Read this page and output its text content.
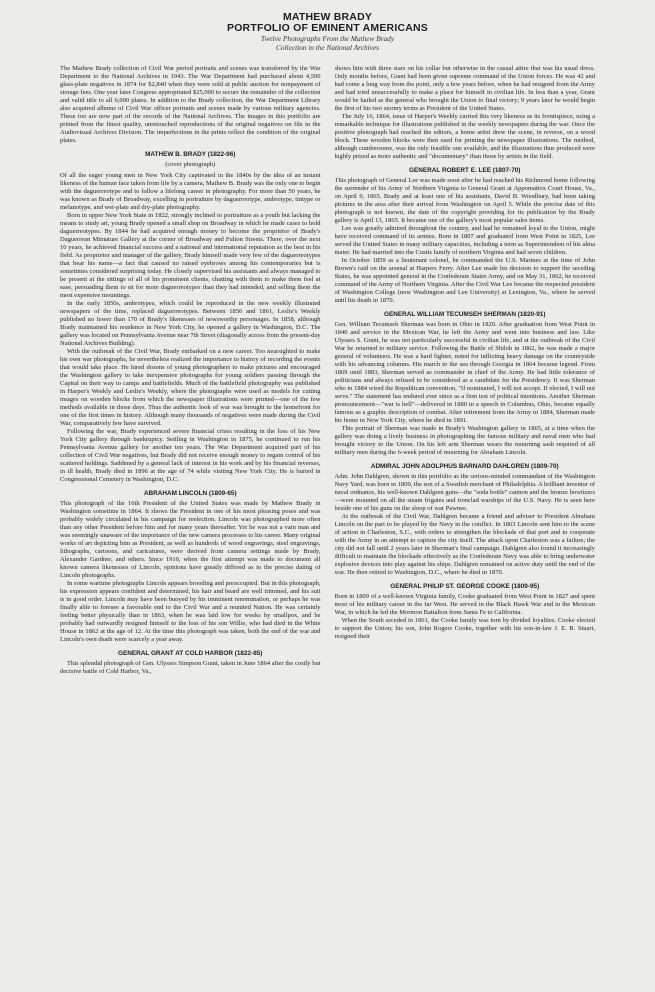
MATHEW BRADY
PORTFOLIO OF EMINENT AMERICANS
Twelve Photographs From the Mathew Brady
Collection in the National Archives

The Mathew Brady collection of Civil War period portraits and scenes was transferred by the War Department to the National Archives in 1943. The War Department had purchased about 4,500 glass-plate negatives in 1874 for $2,840 when they were sold at public auction for nonpayment of storage fees. One year later Congress appropriated $25,000 to secure the remainder of the collection and valid title to all 6,000 plates. In addition to the Brady collection, the War Department Library also acquired albums of Civil War officer portraits and scenes made by various military agencies. These too are now part of the records of the National Archives. The images in this portfolio are printed from the finest quality, unretouched reproductions of the original negatives on file in the Audiovisual Archives Division. The imperfections in the prints reflect the condition of the original plates.

MATHEW B. BRADY (1822-96)
(cover photograph)

Of all the eager young men in New York City captivated in the 1840s by the idea of an instant likeness of the human face taken from life by a camera, Mathew B. Brady was the only one to begin with the daguerreotype and to follow a lifelong career in photography. For more than 50 years, he was known as Brady of Broadway, excelling in portraiture by daguerreotype, ambrotype, tintype or melanotype, and wet-plate and dry-plate photography.

Born in upper New York State in 1822, strongly inclined to portraiture as a youth but lacking the means to study art, young Brady opened a small shop on Broadway in which he made cases to hold daguerreotypes. By 1844 he had acquired enough money to become the proprietor of Brady's Daguerrean Miniature Gallery at the corner of Broadway and Fulton Streets. There, over the next 10 years, he achieved financial success and a national and international reputation as the best in his field. As proprietor and manager of the gallery, Brady himself made very few of the daguerreotypes that bear his name—a fact that caused no raised eyebrows among his contemporaries but is sometimes considered surprising today. He closely supervised his assistants and always managed to be present at the sittings of all of his prominent clients, chatting with them to make them feel at ease, persuading them to sit for more daguerreotypes than they had intended, and selling them the most expensive mountings.

In the early 1850s, ambrotypes, which could be reproduced in the new weekly illustrated newspapers of the time, replaced daguerreotypes. Between 1856 and 1861, Leslie's Weekly published no fewer than 170 of Brady's likenesses of newsworthy personages. In 1858, although Brady maintained his residence in New York City, he opened a gallery in Washington, D.C. The gallery was located on Pennsylvania Avenue near 7th Street (diagonally across from the present-day National Archives Building).

With the outbreak of the Civil War, Brady embarked on a new career. Too nearsighted to make his own war photographs, he nevertheless realized the importance to history of recording the events that would take place. He hired dozens of young photographers to make pictures and encouraged the Washington gallery to take inexpensive photographs for young soldiers passing through the Capital on their way to camps and battlefields. Much of the battlefield photography was published in Harper's Weekly and Leslie's Weekly, where the photographs were used as models for cutting images on wooden blocks from which the newspaper illustrations were printed—one of the few methods available in those days. Thus the authentic look of war was brought to the homefront for one of the first times in history. Although many thousands of negatives were made during the Civil War, comparatively few have survived.

Following the war, Brady experienced severe financial crises resulting in the loss of his New York City gallery through bankruptcy. Settling in Washington in 1875, he continued to run his Pennsylvania Avenue gallery for another ten years. The War Department acquired part of his collection of Civil War negatives, but Brady did not receive enough money to regain control of his scattered holdings. Saddened by a general lack of interest in his work and by his financial reverses, in ill health, Brady died in 1896 at the age of 74 while visiting New York City. He is buried in Congressional Cemetery in Washington, D.C.

ABRAHAM LINCOLN (1809-65)

This photograph of the 16th President of the United States was made by Mathew Brady in Washington sometime in 1864. It shows the President in one of his most pleasing poses and was probably widely circulated in his campaign for reelection. Lincoln was photographed more often than any other President before him and for many years thereafter. Yet he was not a vain man and was seemingly unaware of the importance of the new camera processes to his career. Many original works of art depicting him as President, as well as hundreds of wood engravings, steel engravings, lithographs, cartoons, and caricatures, were derived from camera settings made by Brady, Alexander Gardner, and others. Since 1910, when the first attempt was made to document all known camera likenesses of Lincoln, opinions have greatly differed as to the precise dating of Lincoln photographs.

In some wartime photographs Lincoln appears brooding and preoccupied. But in this photograph, his expression appears confident and determined, his hair and beard are well trimmed, and his suit is in good order. Lincoln may have been buoyed by his imminent renomination, or perhaps he was finally able to foresee a favorable end to the Civil War and a reunited Nation. He was certainly feeling better physically than in 1863, when he was laid low for weeks by smallpox, and he probably had outwardly resigned himself to the loss of his son Willie, who had died in the White House in 1862 at the age of 12. At the time this photograph was taken, both the end of the war and Lincoln's own death were scarcely a year away.

GENERAL GRANT AT COLD HARBOR (1822-85)

This splendid photograph of Gen. Ulysses Simpson Grant, taken in June 1864 after the costly but decisive battle of Cold Harbor, Va.,

shows him with three stars on his collar but otherwise in the casual attire that was his usual dress. Only months before, Grant had been given supreme command of the Union forces. He was 42 and had come a long way from the point, only a few years before, when he had resigned from the Army and had tried unsuccessfully to make a place for himself in civilian life. In less than a year, Grant would be hailed as the general who brought the Union to final victory; 9 years later he would begin the first of his two stormy terms as President of the United States.

The July 16, 1864, issue of Harper's Weekly carried this very likeness as its frontispiece, using a remarkable technique for illustrations published in the weekly newspapers during the war. Once the positive photograph had reached the editors, a home artist drew the scene, in reverse, on a wood block. These wooden blocks were then used for printing the newspaper illustrations. The method, although cumbersome, was the only feasible one available, and the illustrations thus produced were highly prized as more authentic and "documentary" than those by artists in the field.

GENERAL ROBERT E. LEE (1807-70)

This photograph of General Lee was made soon after he had reached his Richmond home following the surrender of his Army of Northern Virginia to General Grant at Appomattox Court House, Va., on April 9, 1865. Brady and at least one of his assistants, David B. Woodbury, had been taking pictures in the area after their arrival from Washington on April 5. While the precise date of this photograph is not known, the date of the copyright providing for its publication by the Brady gallery is April 13, 1865. It became one of the gallery's most popular sales items.

Lee was greatly admired throughout the country, and had he remained loyal to the Union, might have received command of its armies. Born in 1807 and graduated from West Point in 1825, Lee served the United States in many military capacities, including a term as Superintendent of his alma mater. He had married into the Custis family of northern Virginia and had seven children.

In October 1859 as a lieutenant colonel, he commanded the U.S. Marines at the time of John Brown's raid on the arsenal at Harpers Ferry. After Lee made his decision to support the seceding States, he was appointed general in the Confederate States Army, and on May 31, 1862, he received command of the Army of Northern Virginia. After the Civil War Lee became the respected president of Washington College (now Washington and Lee University) at Lexington, Va., where he served until his death in 1870.

GENERAL WILLIAM TECUMSEH SHERMAN (1820-91)

Gen. William Tecumseh Sherman was born in Ohio in 1820. After graduation from West Point in 1840 and service in the Mexican War, he left the Army and went into business and law. Like Ulysses S. Grant, he was not particularly successful in civilian life, and at the outbreak of the Civil War he returned to military service. Following the Battle of Shiloh in 1862, he was made a major general of volunteers. He was a hard fighter, noted for inflicting heavy damage on the countryside with his advancing columns. His march to the sea through Georgia in 1864 became legend. From 1869 until 1883, Sherman served as commander in chief of the Army. He had little tolerance of politicians and always refused to be considered as a candidate for the Presidency. It was Sherman who in 1884 wired the Republican convention, "If nominated, I will not accept. If elected, I will not serve." The statement has endured ever since as a firm test of political intentions. Another Sherman pronouncement—"war is hell"—delivered in 1880 in a speech in Columbus, Ohio, became equally famous as a graphic description of combat. After retirement from the Army in 1884, Sherman made his home in New York City, where he died in 1891.

This portrait of Sherman was made in Brady's Washington gallery in 1865, at a time when the gallery was doing a lively business in photographing the famous military and naval men who had brought victory to the Union. On his left arm Sherman wears the mourning sash required of all military men during the 6-week period of mourning for Abraham Lincoln.

ADMIRAL JOHN ADOLPHUS BARNARD DAHLGREN (1809-70)

Adm. John Dahlgren, shown in this portfolio as the serious-minded commandant of the Washington Navy Yard, was born in 1809, the son of a Swedish merchant of Philadelphia. A brilliant inventor of naval ordnance, his well-known Dahlgren guns—the "soda bottle" cannon and the bronze howitzers—were mounted on all the steam frigates and ironclad warships of the U.S. Navy. He is seen here beside one of his guns on the sloop of war Pawnee.

At the outbreak of the Civil War, Dahlgren became a friend and adviser to President Abraham Lincoln on the part to be played by the Navy in the conflict. In 1863 Lincoln sent him to the scene of action in Charleston, S.C., with orders to strengthen the blockade of that port and to cooperate with the Army in an attempt to capture the city itself. The attack upon Charleston was a failure; the city did not fall until 2 years later in Sherman's final campaign. Dahlgren also found it increasingly difficult to maintain the blockade effectively as the Confederate Navy was able to bring underwater explosive devices into play against his ships. Dahlgren remained on active duty until the end of the war. He then retired to Washington, D.C., where he died in 1870.

GENERAL PHILIP ST. GEORGE COOKE (1809-95)

Born in 1809 of a well-known Virginia family, Cooke graduated from West Point in 1827 and spent most of his military career in the far West. He served in the Black Hawk War and in the Mexican War, in which he led the Mormon Battalion from Santa Fe to California.

When the South seceded in 1861, the Cooke family was torn by divided loyalties. Cooke elected to support the Union; his son, John Rogers Cooke, together with his son-in-law J. E. B. Stuart, resigned their
